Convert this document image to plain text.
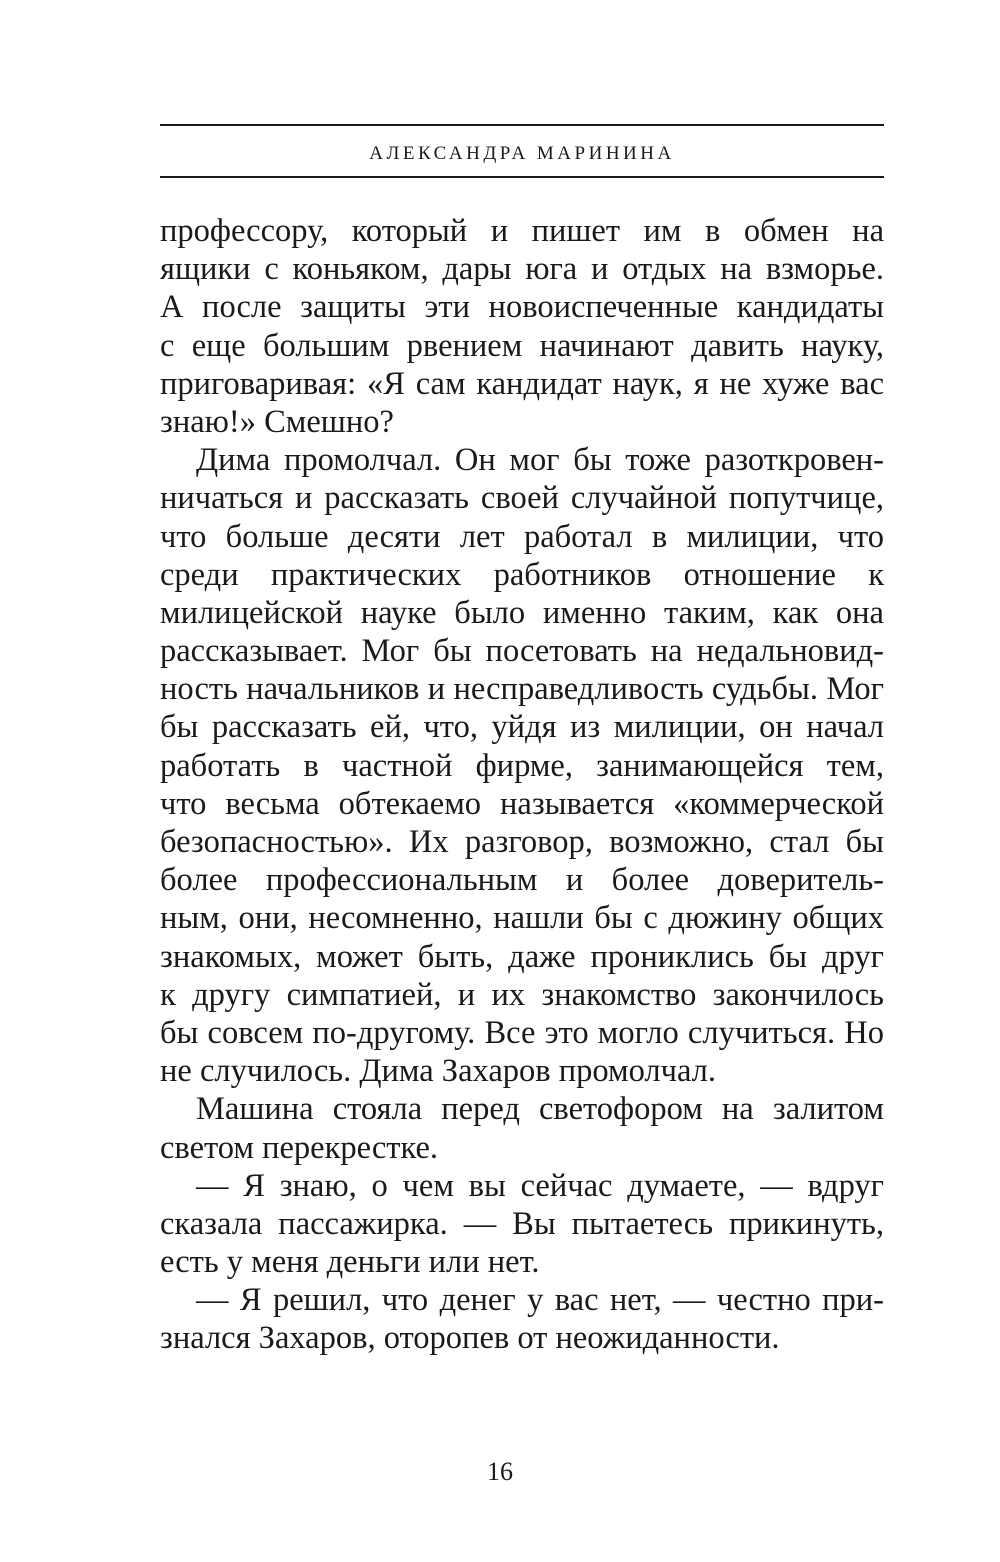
АЛЕКСАНДРА МАРИНИНА
профессору, который и пишет им в обмен на
ящики с коньяком, дары юга и отдых на взморье.
А после защиты эти новоиспеченные кандидаты
с еще большим рвением начинают давить науку,
приговаривая: «Я сам кандидат наук, я не хуже вас
знаю!» Смешно?
Дима промолчал. Он мог бы тоже разоткровен-
ничаться и рассказать своей случайной попутчице,
что больше десяти лет работал в милиции, что
среди практических работников отношение к
милицейской науке было именно таким, как она
рассказывает. Мог бы посетовать на недальновид-
ность начальников и несправедливость судьбы. Мог
бы рассказать ей, что, уйдя из милиции, он начал
работать в частной фирме, занимающейся тем,
что весьма обтекаемо называется «коммерческой
безопасностью». Их разговор, возможно, стал бы
более профессиональным и более доверитель-
ным, они, несомненно, нашли бы с дюжину общих
знакомых, может быть, даже прониклись бы друг
к другу симпатией, и их знакомство закончилось
бы совсем по-другому. Все это могло случиться. Но
не случилось. Дима Захаров промолчал.
Машина стояла перед светофором на залитом
светом перекрестке.
— Я знаю, о чем вы сейчас думаете, — вдруг
сказала пассажирка. — Вы пытаетесь прикинуть,
есть у меня деньги или нет.
— Я решил, что денег у вас нет, — честно при-
знался Захаров, оторопев от неожиданности.
16
